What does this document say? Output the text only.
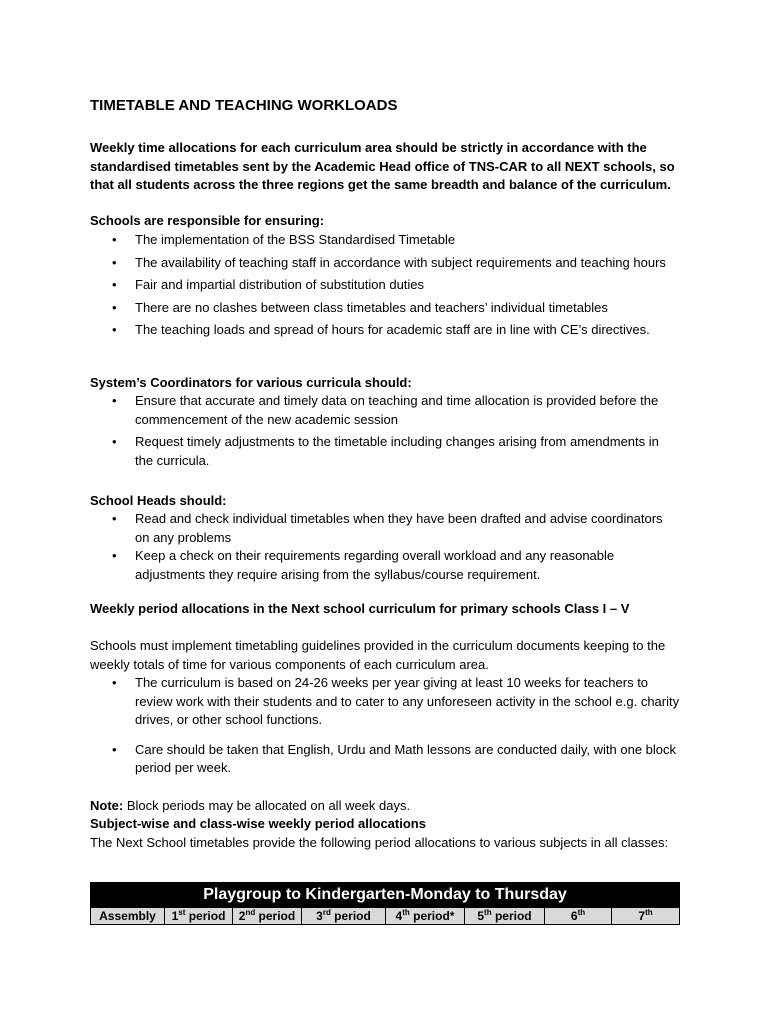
TIMETABLE AND TEACHING WORKLOADS
Weekly time allocations for each curriculum area should be strictly in accordance with the standardised timetables sent by the Academic Head office of TNS-CAR to all NEXT schools, so that all students across the three regions get the same breadth and balance of the curriculum.
Schools are responsible for ensuring:
• The implementation of the BSS Standardised Timetable
• The availability of teaching staff in accordance with subject requirements and teaching hours
• Fair and impartial distribution of substitution duties
• There are no clashes between class timetables and teachers’ individual timetables
• The teaching loads and spread of hours for academic staff are in line with CE’s directives.
System’s Coordinators for various curricula should:
• Ensure that accurate and timely data on teaching and time allocation is provided before the commencement of the new academic session
• Request timely adjustments to the timetable including changes arising from amendments in the curricula.
School Heads should:
• Read and check individual timetables when they have been drafted and advise coordinators on any problems
• Keep a check on their requirements regarding overall workload and any reasonable adjustments they require arising from the syllabus/course requirement.
Weekly period allocations in the Next school curriculum for primary schools Class I – V
Schools must implement timetabling guidelines provided in the curriculum documents keeping to the weekly totals of time for various components of each curriculum area.
• The curriculum is based on 24-26 weeks per year giving at least 10 weeks for teachers to review work with their students and to cater to any unforeseen activity in the school e.g. charity drives, or other school functions.
• Care should be taken that English, Urdu and Math lessons are conducted daily, with one block period per week.
Note: Block periods may be allocated on all week days.
Subject-wise and class-wise weekly period allocations
The Next School timetables provide the following period allocations to various subjects in all classes:
Playgroup to Kindergarten-Monday to Thursday
Assembly	1st period	2nd period	3rd period	4th period*	5th period	6th	7th
